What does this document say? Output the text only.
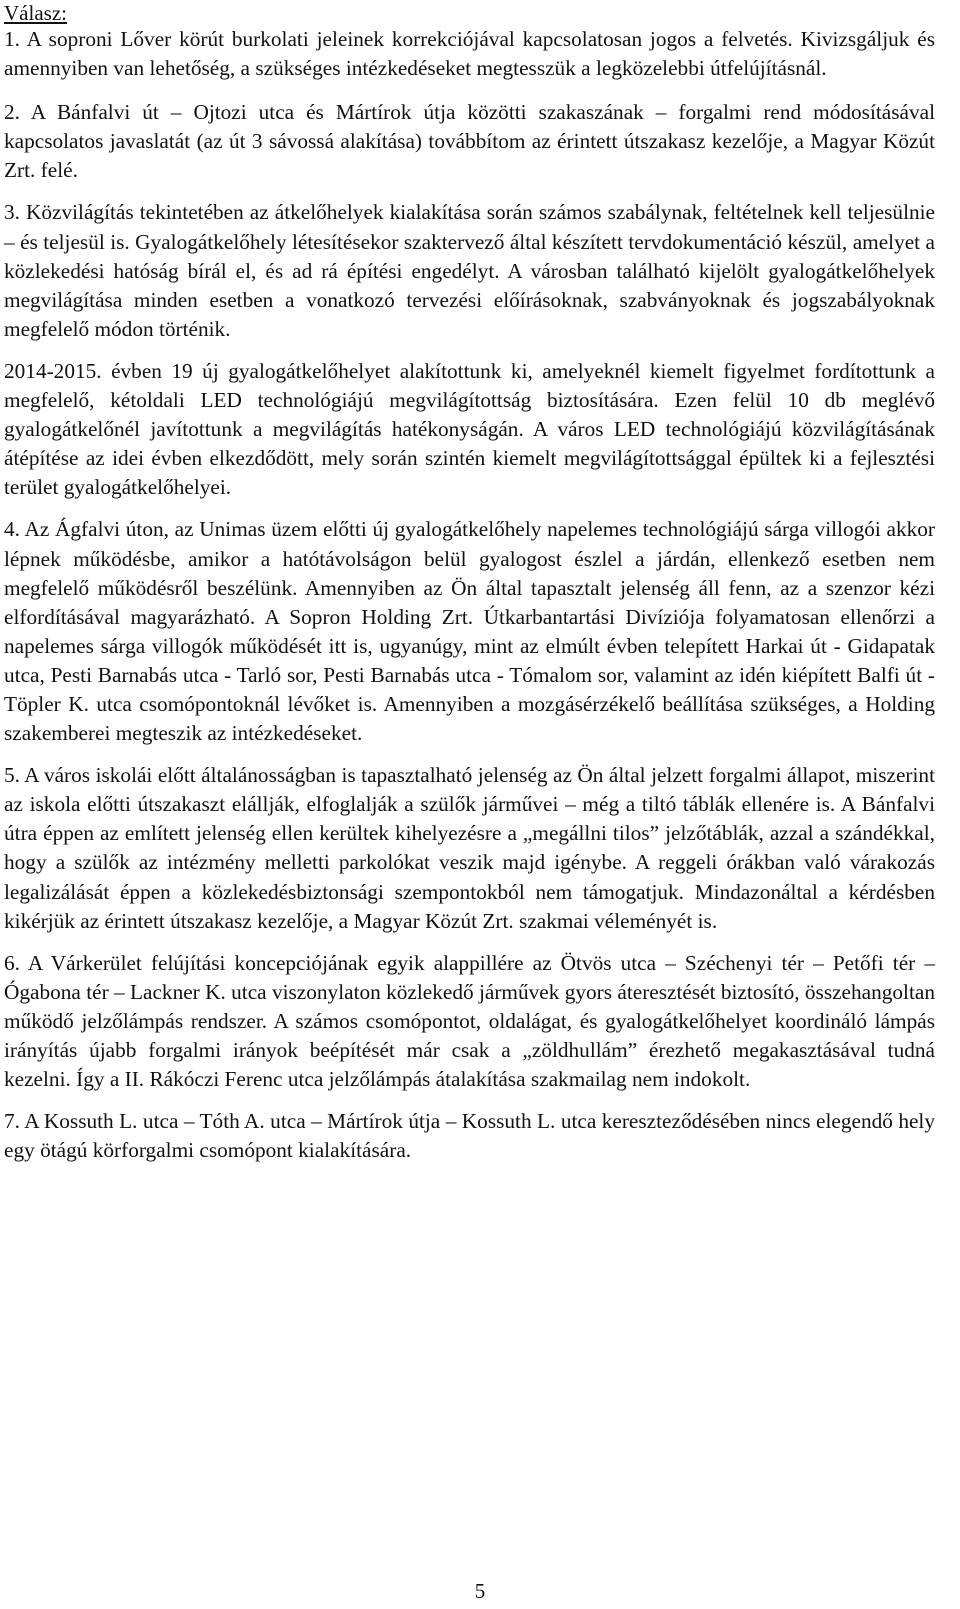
Válasz:

1. A soproni Lőver körút burkolati jeleinek korrekciójával kapcsolatosan jogos a felvetés. Kivizsgáljuk és amennyiben van lehetőség, a szükséges intézkedéseket megtesszük a legközelebbi útfelújításnál.

2. A Bánfalvi út – Ojtozi utca és Mártírok útja közötti szakaszának – forgalmi rend módosításával kapcsolatos javaslatát (az út 3 sávossá alakítása) továbbítom az érintett útszakasz kezelője, a Magyar Közút Zrt. felé.

3. Közvilágítás tekintetében az átkelőhelyek kialakítása során számos szabálynak, feltételnek kell teljesülnie – és teljesül is. Gyalogátkelőhely létesítésekor szaktervező által készített tervdokumentáció készül, amelyet a közlekedési hatóság bírál el, és ad rá építési engedélyt. A városban található kijelölt gyalogátkelőhelyek megvilágítása minden esetben a vonatkozó tervezési előírásoknak, szabványoknak és jogszabályoknak megfelelő módon történik.

2014-2015. évben 19 új gyalogátkelőhelyet alakítottunk ki, amelyeknél kiemelt figyelmet fordítottunk a megfelelő, kétoldali LED technológiájú megvilágítottság biztosítására. Ezen felül 10 db meglévő gyalogátkelőnél javítottunk a megvilágítás hatékonyságán. A város LED technológiájú közvilágításának átépítése az idei évben elkezdődött, mely során szintén kiemelt megvilágítottsággal épültek ki a fejlesztési terület gyalogátkelőhelyei.

4. Az Ágfalvi úton, az Unimas üzem előtti új gyalogátkelőhely napelemes technológiájú sárga villogói akkor lépnek működésbe, amikor a hatótávolságon belül gyalogost észlel a járdán, ellenkező esetben nem megfelelő működésről beszélünk. Amennyiben az Ön által tapasztalt jelenség áll fenn, az a szenzor kézi elfordításával magyarázható. A Sopron Holding Zrt. Útkarbantartási Divíziója folyamatosan ellenőrzi a napelemes sárga villogók működését itt is, ugyanúgy, mint az elmúlt évben telepített Harkai út - Gidapatak utca, Pesti Barnabás utca - Tarló sor, Pesti Barnabás utca - Tómalom sor, valamint az idén kiépített Balfi út - Töpler K. utca csomópontoknál lévőket is. Amennyiben a mozgásérzékelő beállítása szükséges, a Holding szakemberei megteszik az intézkedéseket.

5. A város iskolái előtt általánosságban is tapasztalható jelenség az Ön által jelzett forgalmi állapot, miszerint az iskola előtti útszakaszt elállják, elfoglalják a szülők járművei – még a tiltó táblák ellenére is. A Bánfalvi útra éppen az említett jelenség ellen kerültek kihelyezésre a „megállni tilos” jelzőtáblák, azzal a szándékkal, hogy a szülők az intézmény melletti parkolókat veszik majd igénybe. A reggeli órákban való várakozás legalizálását éppen a közlekedésbiztonsági szempontokból nem támogatjuk. Mindazonáltal a kérdésben kikérjük az érintett útszakasz kezelője, a Magyar Közút Zrt. szakmai véleményét is.

6. A Várkerület felújítási koncepciójának egyik alappillére az Ötvös utca – Széchenyi tér – Petőfi tér – Ógabona tér – Lackner K. utca viszonylaton közlekedő járművek gyors áteresztését biztosító, összehangoltan működő jelzőlámpás rendszer. A számos csomópontot, oldalágat, és gyalogátkelőhelyet koordináló lámpás irányítás újabb forgalmi irányok beépítését már csak a „zöldhullám” érezhető megakasztásával tudná kezelni. Így a II. Rákóczi Ferenc utca jelzőlámpás átalakítása szakmailag nem indokolt.

7. A Kossuth L. utca – Tóth A. utca – Mártírok útja – Kossuth L. utca kereszteződésében nincs elegendő hely egy ötágú körforgalmi csomópont kialakítására.

5
